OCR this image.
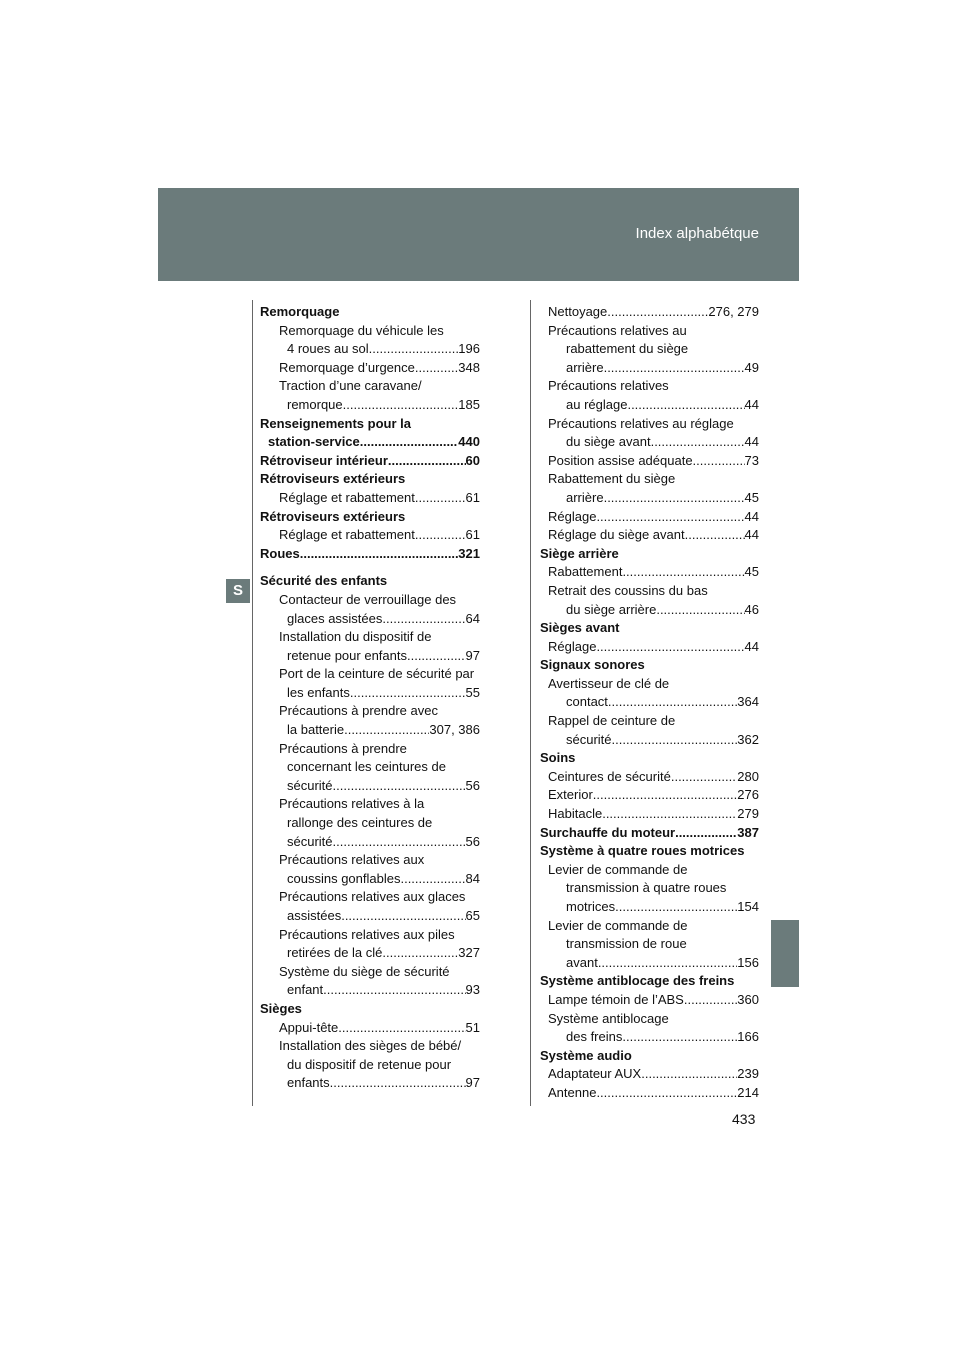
Index alphabétque
S
Remorquage
Remorquage du véhicule les
4 roues au sol .....	196
Remorquage d’urgence .....	348
Traction d’une caravane/
remorque .....	185
Renseignements pour la
station-service .....	440
Rétroviseur intérieur .....	60
Rétroviseurs extérieurs
Réglage et rabattement .....	61
Rétroviseurs extérieurs
Réglage et rabattement .....	61
Roues .....	321
Sécurité des enfants
Contacteur de verrouillage des
glaces assistées .....	64
Installation du dispositif de
retenue pour enfants .....	97
Port de la ceinture de sécurité par
les enfants .....	55
Précautions à prendre avec
la batterie .....	307, 386
Précautions à prendre
concernant les ceintures de
sécurité .....	56
Précautions relatives à la
rallonge des ceintures de
sécurité .....	56
Précautions relatives aux
coussins gonflables .....	84
Précautions relatives aux glaces
assistées .....	65
Précautions relatives aux piles
retirées de la clé .....	327
Système du siège de sécurité
enfant .....	93
Sièges
Appui-tête .....	51
Installation des sièges de bébé/
du dispositif de retenue pour
enfants .....	97
Nettoyage .....	276, 279
Précautions relatives au
rabattement du siège
arrière .....	49
Précautions relatives
au réglage .....	44
Précautions relatives au réglage
du siège avant .....	44
Position assise adéquate .....	73
Rabattement du siège
arrière .....	45
Réglage .....	44
Réglage du siège avant .....	44
Siège arrière
Rabattement .....	45
Retrait des coussins du bas
du siège arrière .....	46
Sièges avant
Réglage .....	44
Signaux sonores
Avertisseur de clé de
contact .....	364
Rappel de ceinture de
sécurité .....	362
Soins
Ceintures de sécurité .....	280
Exterior .....	276
Habitacle .....	279
Surchauffe du moteur .....	387
Système à quatre roues motrices
Levier de commande de
transmission à quatre roues
motrices .....	154
Levier de commande de
transmission de roue
avant .....	156
Système antiblocage des freins
Lampe témoin de l’ABS .....	360
Système antiblocage
des freins .....	166
Système audio
Adaptateur AUX .....	239
Antenne .....	214
433
